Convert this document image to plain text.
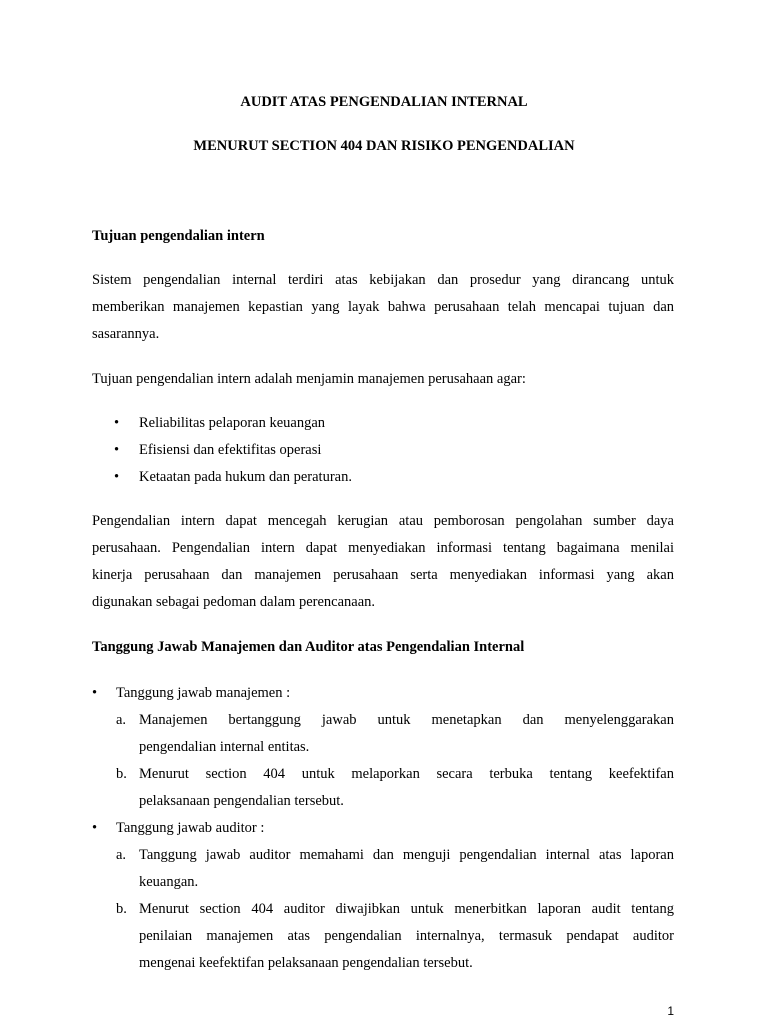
AUDIT ATAS PENGENDALIAN INTERNAL

MENURUT SECTION 404 DAN RISIKO PENGENDALIAN

Tujuan pengendalian intern

Sistem pengendalian internal terdiri atas kebijakan dan prosedur yang dirancang untuk
memberikan manajemen kepastian yang layak bahwa perusahaan telah mencapai tujuan dan
sasarannya.
Tujuan pengendalian intern adalah menjamin manajemen perusahaan agar:
• Reliabilitas pelaporan keuangan
• Efisiensi dan efektifitas operasi
• Ketaatan pada hukum dan peraturan.
Pengendalian intern dapat mencegah kerugian atau pemborosan pengolahan sumber daya
perusahaan. Pengendalian intern dapat menyediakan informasi tentang bagaimana menilai
kinerja perusahaan dan manajemen perusahaan serta menyediakan informasi yang akan
digunakan sebagai pedoman dalam perencanaan.

Tanggung Jawab Manajemen dan Auditor atas Pengendalian Internal

• Tanggung jawab manajemen :
a. Manajemen bertanggung jawab untuk menetapkan dan menyelenggarakan
pengendalian internal entitas.
b. Menurut section 404 untuk melaporkan secara terbuka tentang keefektifan
pelaksanaan pengendalian tersebut.
• Tanggung jawab auditor :
a. Tanggung jawab auditor memahami dan menguji pengendalian internal atas laporan
keuangan.
b. Menurut section 404 auditor diwajibkan untuk menerbitkan laporan audit tentang
penilaian manajemen atas pengendalian internalnya, termasuk pendapat auditor
mengenai keefektifan pelaksanaan pengendalian tersebut.
1
